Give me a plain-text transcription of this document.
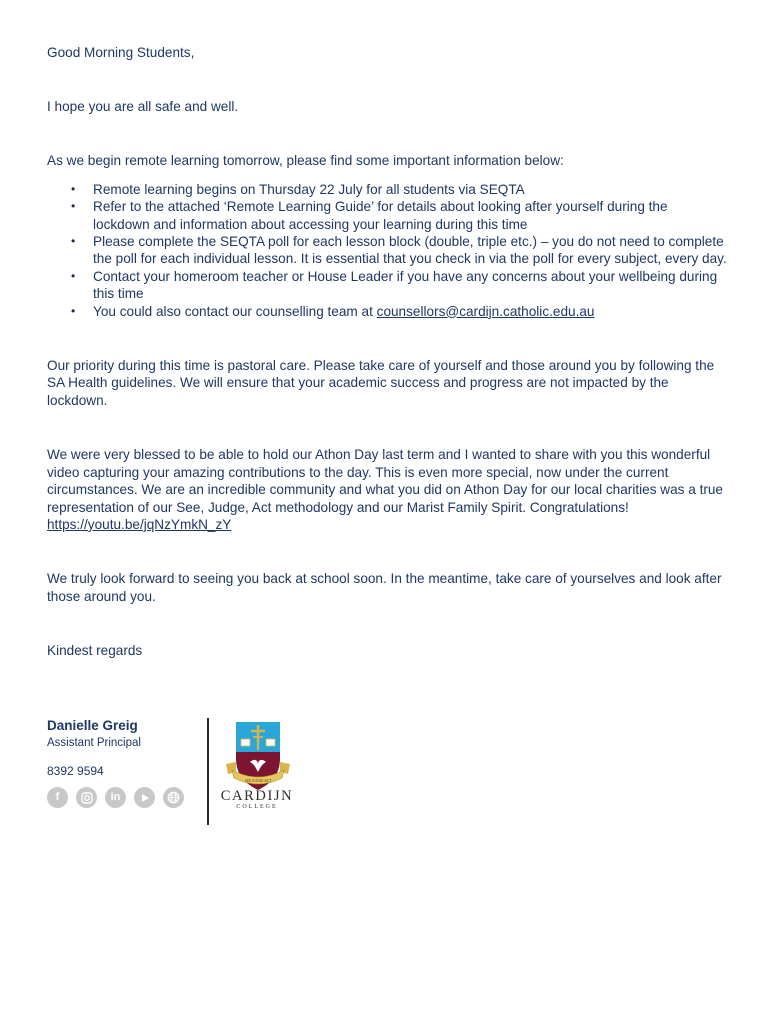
Good Morning Students,

I hope you are all safe and well.

As we begin remote learning tomorrow, please find some important information below:

• Remote learning begins on Thursday 22 July for all students via SEQTA
• Refer to the attached ‘Remote Learning Guide’ for details about looking after yourself during the lockdown and information about accessing your learning during this time
• Please complete the SEQTA poll for each lesson block (double, triple etc.) – you do not need to complete the poll for each individual lesson. It is essential that you check in via the poll for every subject, every day.
• Contact your homeroom teacher or House Leader if you have any concerns about your wellbeing during this time
• You could also contact our counselling team at counsellors@cardijn.catholic.edu.au

Our priority during this time is pastoral care. Please take care of yourself and those around you by following the SA Health guidelines. We will ensure that your academic success and progress are not impacted by the lockdown.

We were very blessed to be able to hold our Athon Day last term and I wanted to share with you this wonderful video capturing your amazing contributions to the day. This is even more special, now under the current circumstances. We are an incredible community and what you did on Athon Day for our local charities was a true representation of our See, Judge, Act methodology and our Marist Family Spirit. Congratulations! https://youtu.be/jqNzYmkN_zY

We truly look forward to seeing you back at school soon. In the meantime, take care of yourselves and look after those around you.

Kindest regards

Danielle Greig
Assistant Principal
8392 9594
f	in
SEE JUDGE ACT
CARDIJN
COLLEGE
